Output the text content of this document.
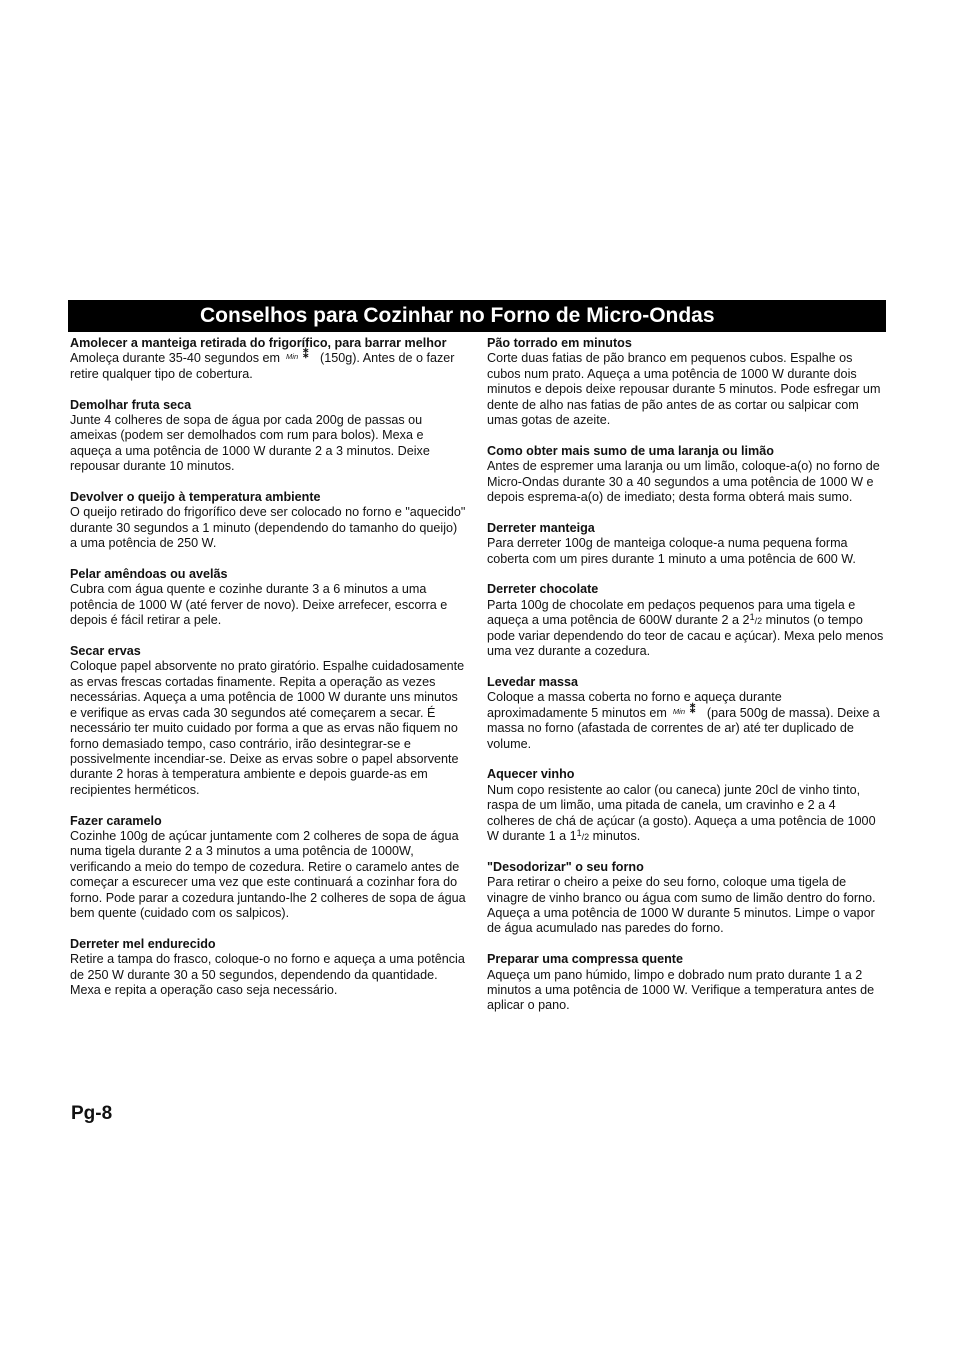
Conselhos para Cozinhar no Forno de Micro-Ondas
Amolecer a manteiga retirada do frigorífico, para barrar melhor
Amoleça durante 35-40 segundos em Min ⁑ (150g). Antes de o fazer retire qualquer tipo de cobertura.
Demolhar fruta seca
Junte 4 colheres de sopa de água por cada 200g de passas ou ameixas (podem ser demolhados com rum para bolos). Mexa e aqueça a uma potência de 1000 W durante 2 a 3 minutos. Deixe repousar durante 10 minutos.
Devolver o queijo à temperatura ambiente
O queijo retirado do frigorífico deve ser colocado no forno e "aquecido" durante 30 segundos a 1 minuto (dependendo do tamanho do queijo) a uma potência de 250 W.
Pelar amêndoas ou avelãs
Cubra com água quente e cozinhe durante 3 a 6 minutos a uma potência de 1000 W (até ferver de novo). Deixe arrefecer, escorra e depois é fácil retirar a pele.
Secar ervas
Coloque papel absorvente no prato giratório. Espalhe cuidadosamente as ervas frescas cortadas finamente. Repita a operação as vezes necessárias. Aqueça a uma potência de 1000 W durante uns minutos e verifique as ervas cada 30 segundos até começarem a secar. É necessário ter muito cuidado por forma a que as ervas não fiquem no forno demasiado tempo, caso contrário, irão desintegrar-se e possivelmente incendiar-se. Deixe as ervas sobre o papel absorvente durante 2 horas à temperatura ambiente e depois guarde-as em recipientes herméticos.
Fazer caramelo
Cozinhe 100g de açúcar juntamente com 2 colheres de sopa de água numa tigela durante 2 a 3 minutos a uma potência de 1000W, verificando a meio do tempo de cozedura. Retire o caramelo antes de começar a escurecer uma vez que este continuará a cozinhar fora do forno. Pode parar a cozedura juntando-lhe 2 colheres de sopa de água bem quente (cuidado com os salpicos).
Derreter mel endurecido
Retire a tampa do frasco, coloque-o no forno e aqueça a uma potência de 250 W durante 30 a 50 segundos, dependendo da quantidade. Mexa e repita a operação caso seja necessário.
Pão torrado em minutos
Corte duas fatias de pão branco em pequenos cubos. Espalhe os cubos num prato. Aqueça a uma potência de 1000 W durante dois minutos e depois deixe repousar durante 5 minutos. Pode esfregar um dente de alho nas fatias de pão antes de as cortar ou salpicar com umas gotas de azeite.
Como obter mais sumo de uma laranja ou limão
Antes de espremer uma laranja ou um limão, coloque-a(o) no forno de Micro-Ondas durante 30 a 40 segundos a uma potência de 1000 W e depois esprema-a(o) de imediato; desta forma obterá mais sumo.
Derreter manteiga
Para derreter 100g de manteiga coloque-a numa pequena forma coberta com um pires durante 1 minuto a uma potência de 600 W.
Derreter chocolate
Parta 100g de chocolate em pedaços pequenos para uma tigela e aqueça a uma potência de 600W durante 2 a $2^1/2$ minutos (o tempo pode variar dependendo do teor de cacau e açúcar). Mexa pelo menos uma vez durante a cozedura.
Levedar massa
Coloque a massa coberta no forno e aqueça durante aproximadamente 5 minutos em Min ⁑ (para 500g de massa). Deixe a massa no forno (afastada de correntes de ar) até ter duplicado de volume.
Aquecer vinho
Num copo resistente ao calor (ou caneca) junte 20cl de vinho tinto, raspa de um limão, uma pitada de canela, um cravinho e 2 a 4 colheres de chá de açúcar (a gosto). Aqueça a uma potência de 1000 W durante 1 a $1^1/2$ minutos.
"Desodorizar" o seu forno
Para retirar o cheiro a peixe do seu forno, coloque uma tigela de vinagre de vinho branco ou água com sumo de limão dentro do forno. Aqueça a uma potência de 1000 W durante 5 minutos. Limpe o vapor de água acumulado nas paredes do forno.
Preparar uma compressa quente
Aqueça um pano húmido, limpo e dobrado num prato durante 1 a 2 minutos a uma potência de 1000 W. Verifique a temperatura antes de aplicar o pano.
Pg-8
